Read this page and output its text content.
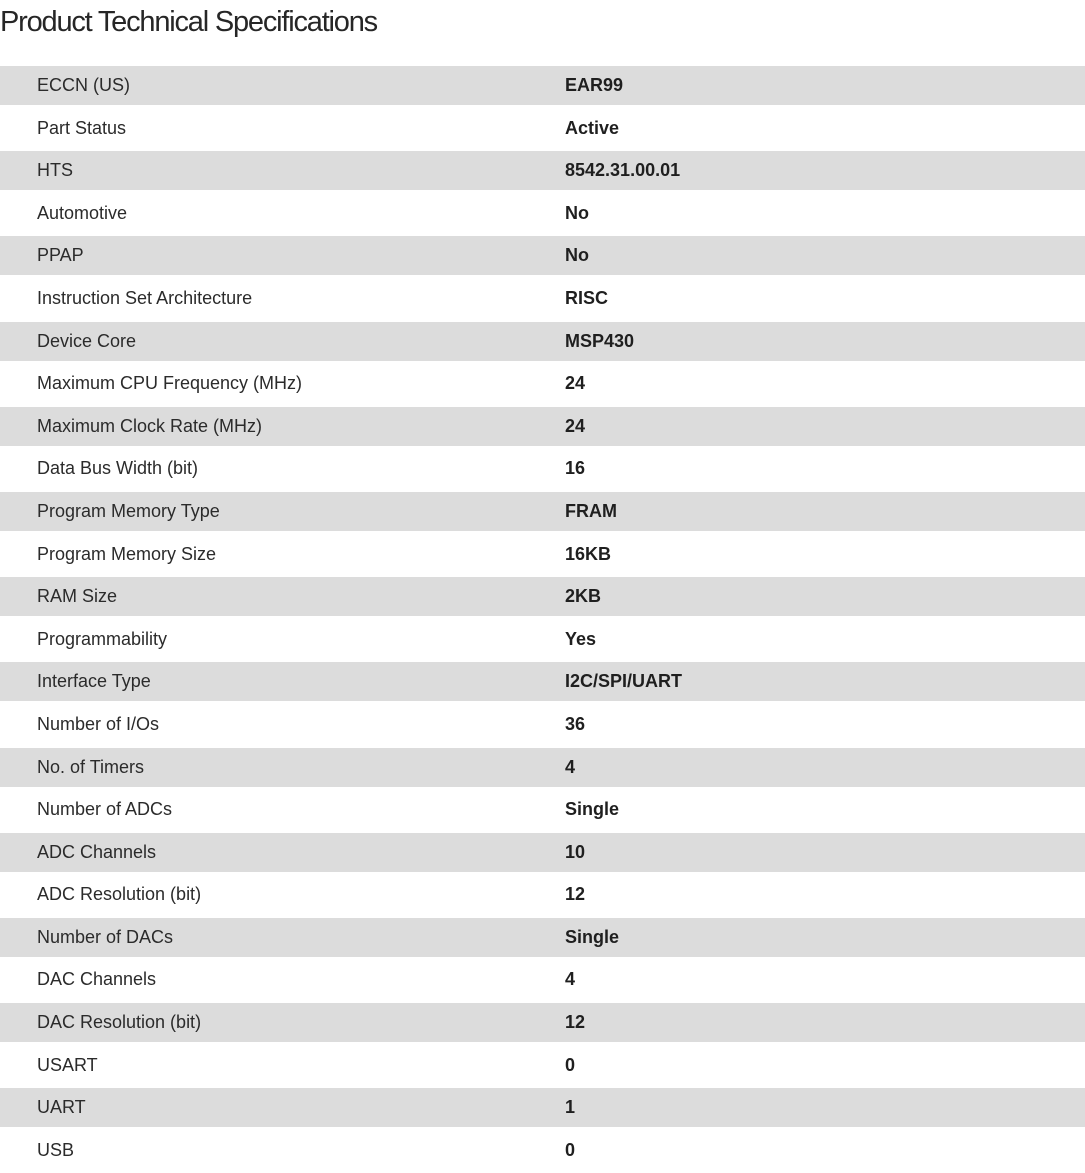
Product Technical Specifications
ECCN (US)	EAR99
Part Status	Active
HTS	8542.31.00.01
Automotive	No
PPAP	No
Instruction Set Architecture	RISC
Device Core	MSP430
Maximum CPU Frequency (MHz)	24
Maximum Clock Rate (MHz)	24
Data Bus Width (bit)	16
Program Memory Type	FRAM
Program Memory Size	16KB
RAM Size	2KB
Programmability	Yes
Interface Type	I2C/SPI/UART
Number of I/Os	36
No. of Timers	4
Number of ADCs	Single
ADC Channels	10
ADC Resolution (bit)	12
Number of DACs	Single
DAC Channels	4
DAC Resolution (bit)	12
USART	0
UART	1
USB	0
